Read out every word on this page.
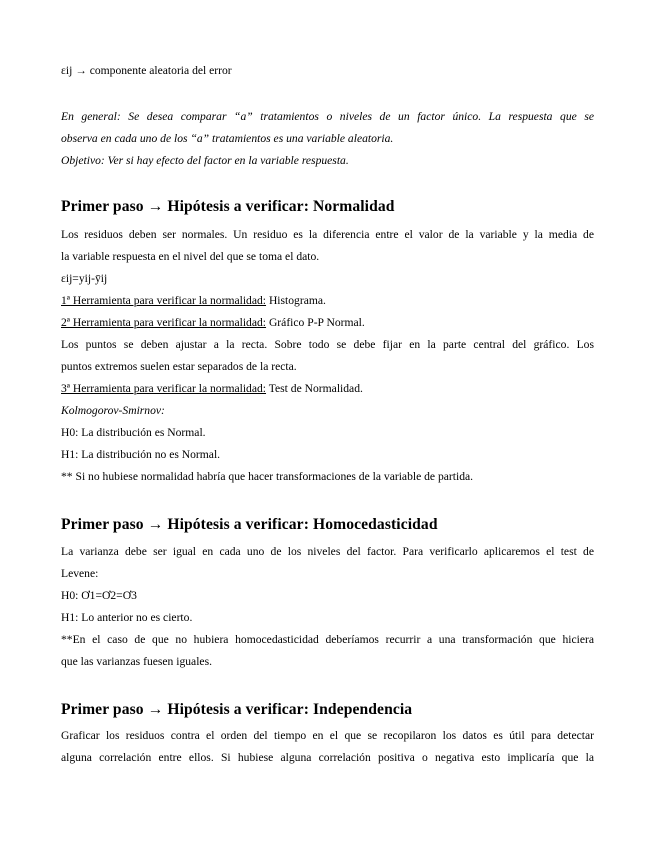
εij → componente aleatoria del error

En general: Se desea comparar “a” tratamientos o niveles de un factor único. La respuesta que se
observa en cada uno de los “a” tratamientos es una variable aleatoria.
Objetivo: Ver si hay efecto del factor en la variable respuesta.
Primer paso → Hipótesis a verificar: Normalidad
Los residuos deben ser normales. Un residuo es la diferencia entre el valor de la variable y la media de
la variable respuesta en el nivel del que se toma el dato.
εij=yij-ȳij
1ª Herramienta para verificar la normalidad: Histograma.
2ª Herramienta para verificar la normalidad: Gráfico P-P Normal.
Los puntos se deben ajustar a la recta. Sobre todo se debe fijar en la parte central del gráfico. Los
puntos extremos suelen estar separados de la recta.
3ª Herramienta para verificar la normalidad: Test de Normalidad.
Kolmogorov-Smirnov:
H0: La distribución es Normal.
H1: La distribución no es Normal.
** Si no hubiese normalidad habría que hacer transformaciones de la variable de partida.
Primer paso → Hipótesis a verificar: Homocedasticidad
La varianza debe ser igual en cada uno de los niveles del factor. Para verificarlo aplicaremos el test de
Levene:
H0: Ơ1=Ơ2=Ơ3
H1: Lo anterior no es cierto.
**En el caso de que no hubiera homocedasticidad deberíamos recurrir a una transformación que hiciera
que las varianzas fuesen iguales.
Primer paso → Hipótesis a verificar: Independencia
Graficar los residuos contra el orden del tiempo en el que se recopilaron los datos es útil para detectar
alguna correlación entre ellos. Si hubiese alguna correlación positiva o negativa esto implicaría que la
